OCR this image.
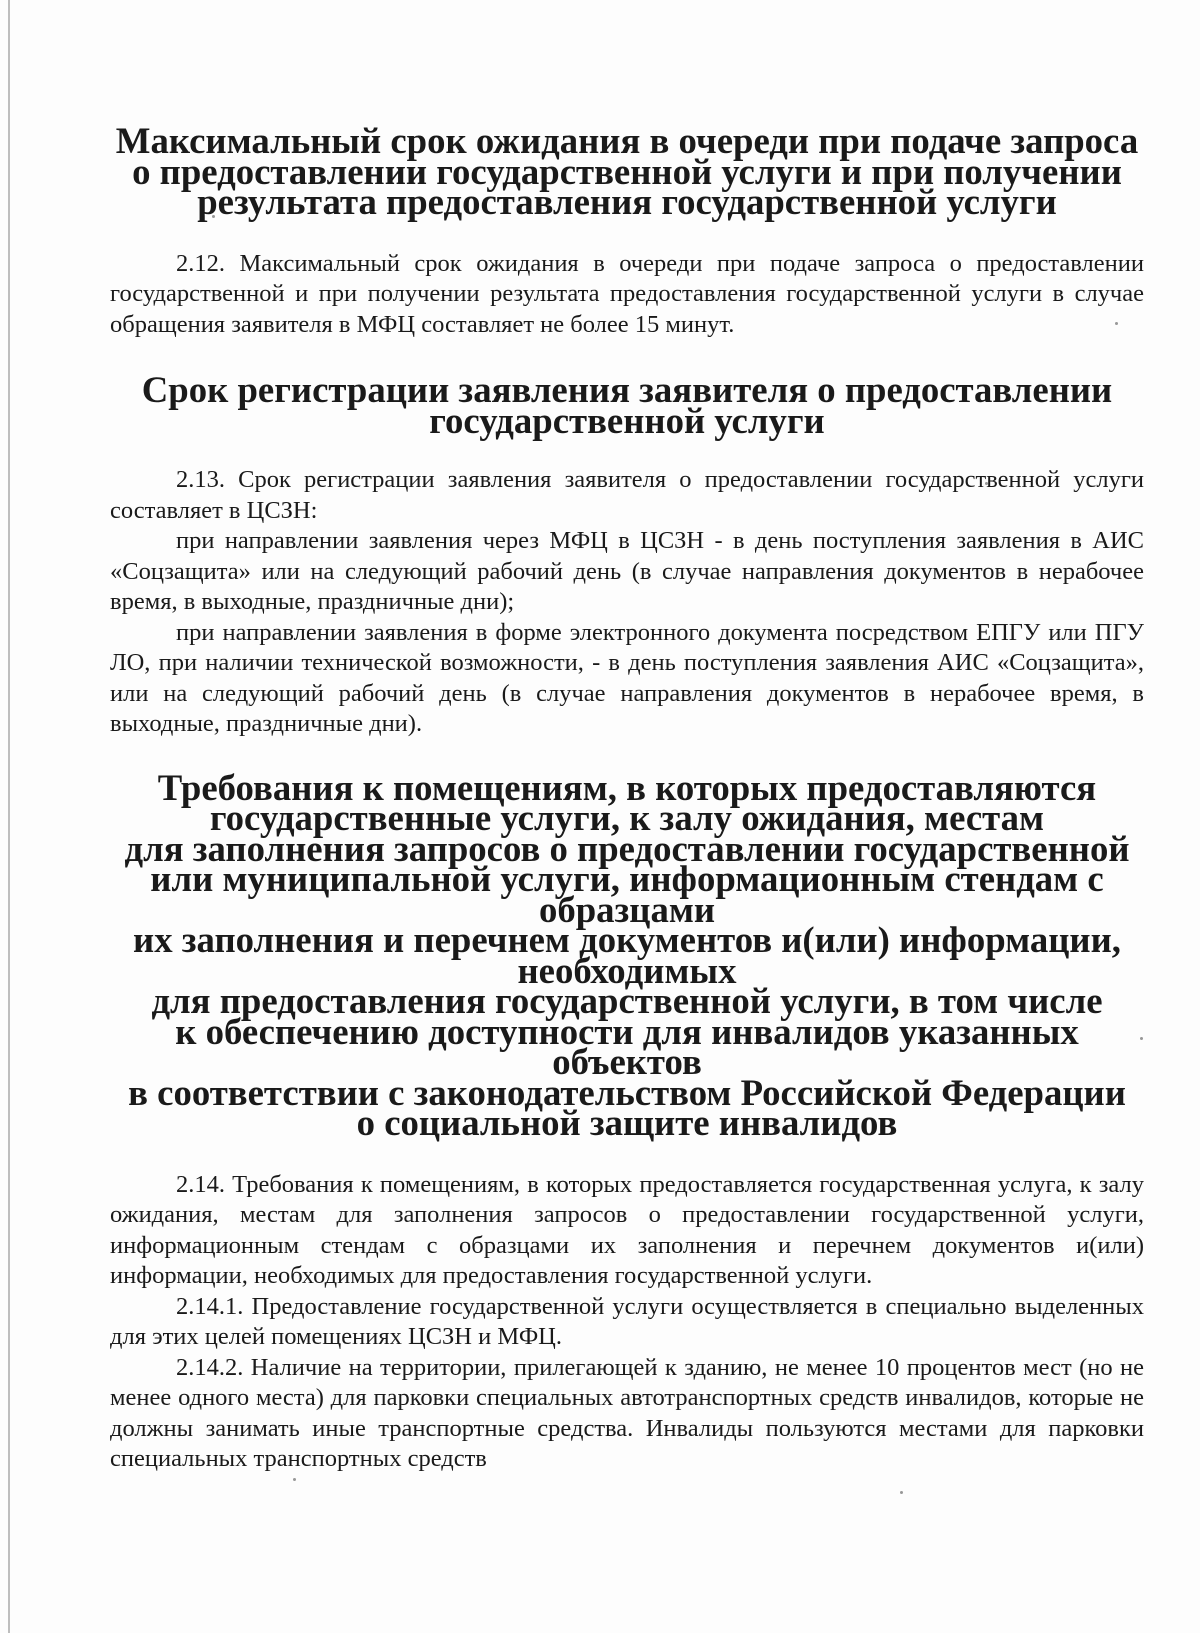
Максимальный срок ожидания в очереди при подаче запроса
о предоставлении государственной услуги и при получении
результата предоставления государственной услуги

2.12. Максимальный срок ожидания в очереди при подаче запроса о предоставлении государственной и при получении результата предоставления государственной услуги в случае обращения заявителя в МФЦ составляет не более 15 минут.

Срок регистрации заявления заявителя о предоставлении
государственной услуги

2.13. Срок регистрации заявления заявителя о предоставлении государственной услуги составляет в ЦСЗН:

при направлении заявления через МФЦ в ЦСЗН - в день поступления заявления в АИС «Соцзащита» или на следующий рабочий день (в случае направления документов в нерабочее время, в выходные, праздничные дни);

при направлении заявления в форме электронного документа посредством ЕПГУ или ПГУ ЛО, при наличии технической возможности, - в день поступления заявления АИС «Соцзащита», или на следующий рабочий день (в случае направления документов в нерабочее время, в выходные, праздничные дни).

Требования к помещениям, в которых предоставляются
государственные услуги, к залу ожидания, местам
для заполнения запросов о предоставлении государственной
или муниципальной услуги, информационным стендам с образцами
их заполнения и перечнем документов и(или) информации, необходимых
для предоставления государственной услуги, в том числе
к обеспечению доступности для инвалидов указанных объектов
в соответствии с законодательством Российской Федерации
о социальной защите инвалидов

2.14. Требования к помещениям, в которых предоставляется государственная услуга, к залу ожидания, местам для заполнения запросов о предоставлении государственной услуги, информационным стендам с образцами их заполнения и перечнем документов и(или) информации, необходимых для предоставления государственной услуги.

2.14.1. Предоставление государственной услуги осуществляется в специально выделенных для этих целей помещениях ЦСЗН и МФЦ.

2.14.2. Наличие на территории, прилегающей к зданию, не менее 10 процентов мест (но не менее одного места) для парковки специальных автотранспортных средств инвалидов, которые не должны занимать иные транспортные средства. Инвалиды пользуются местами для парковки специальных транспортных средств
